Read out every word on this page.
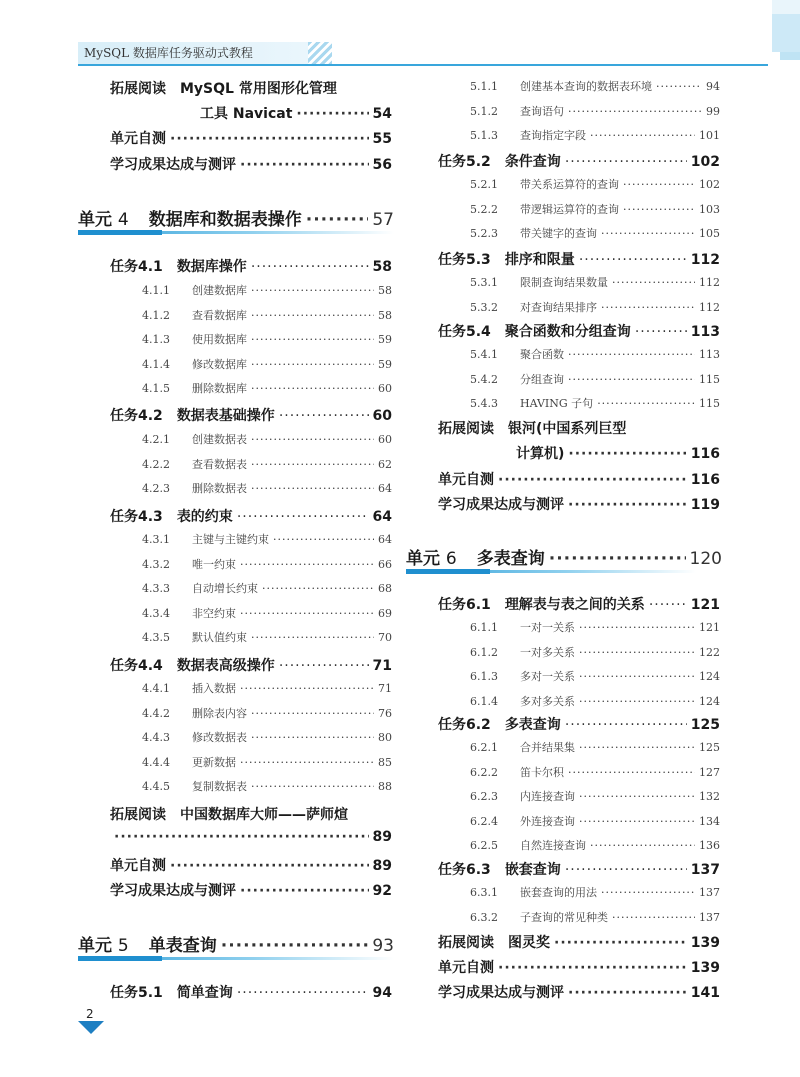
MySQL 数据库任务驱动式教程
2
拓展阅读 MySQL 常用图形化管理
工具 Navicat ·····	54
单元自测 ·····	55
学习成果达成与测评 ·····	56
单元 4 数据库和数据表操作 ·····	57
任务4.1 数据库操作 ·····	58
4.1.1	创建数据库 ·····	58
4.1.2	查看数据库 ·····	58
4.1.3	使用数据库 ·····	59
4.1.4	修改数据库 ·····	59
4.1.5	删除数据库 ·····	60
任务4.2 数据表基础操作 ·····	60
4.2.1	创建数据表 ·····	60
4.2.2	查看数据表 ·····	62
4.2.3	删除数据表 ·····	64
任务4.3 表的约束 ·····	64
4.3.1	主键与主键约束 ·····	64
4.3.2	唯一约束 ·····	66
4.3.3	自动增长约束 ·····	68
4.3.4	非空约束 ·····	69
4.3.5	默认值约束 ·····	70
任务4.4 数据表高级操作 ·····	71
4.4.1	插入数据 ·····	71
4.4.2	删除表内容 ·····	76
4.4.3	修改数据表 ·····	80
4.4.4	更新数据 ·····	85
4.4.5	复制数据表 ·····	88
拓展阅读 中国数据库大师——萨师煊
·····
89
单元自测 ·····	89
学习成果达成与测评 ·····	92
单元 5 单表查询 ·····	93
任务5.1 简单查询 ·····	94
5.1.1	创建基本查询的数据表环境 ·····	94
5.1.2	查询语句 ·····	99
5.1.3	查询指定字段 ·····	101
任务5.2 条件查询 ·····	102
5.2.1	带关系运算符的查询 ·····	102
5.2.2	带逻辑运算符的查询 ·····	103
5.2.3	带关键字的查询 ·····	105
任务5.3 排序和限量 ·····	112
5.3.1	限制查询结果数量 ·····	112
5.3.2	对查询结果排序 ·····	112
任务5.4 聚合函数和分组查询 ·····	113
5.4.1	聚合函数 ·····	113
5.4.2	分组查询 ·····	115
5.4.3	HAVING 子句 ·····	115
拓展阅读 银河(中国系列巨型
计算机) ·····	116
单元自测 ·····	116
学习成果达成与测评 ·····	119
单元 6 多表查询 ·····	120
任务6.1 理解表与表之间的关系 ·····	121
6.1.1	一对一关系 ·····	121
6.1.2	一对多关系 ·····	122
6.1.3	多对一关系 ·····	124
6.1.4	多对多关系 ·····	124
任务6.2 多表查询 ·····	125
6.2.1	合并结果集 ·····	125
6.2.2	笛卡尔积 ·····	127
6.2.3	内连接查询 ·····	132
6.2.4	外连接查询 ·····	134
6.2.5	自然连接查询 ·····	136
任务6.3 嵌套查询 ·····	137
6.3.1	嵌套查询的用法 ·····	137
6.3.2	子查询的常见种类 ·····	137
拓展阅读 图灵奖 ·····	139
单元自测 ·····	139
学习成果达成与测评 ·····	141
